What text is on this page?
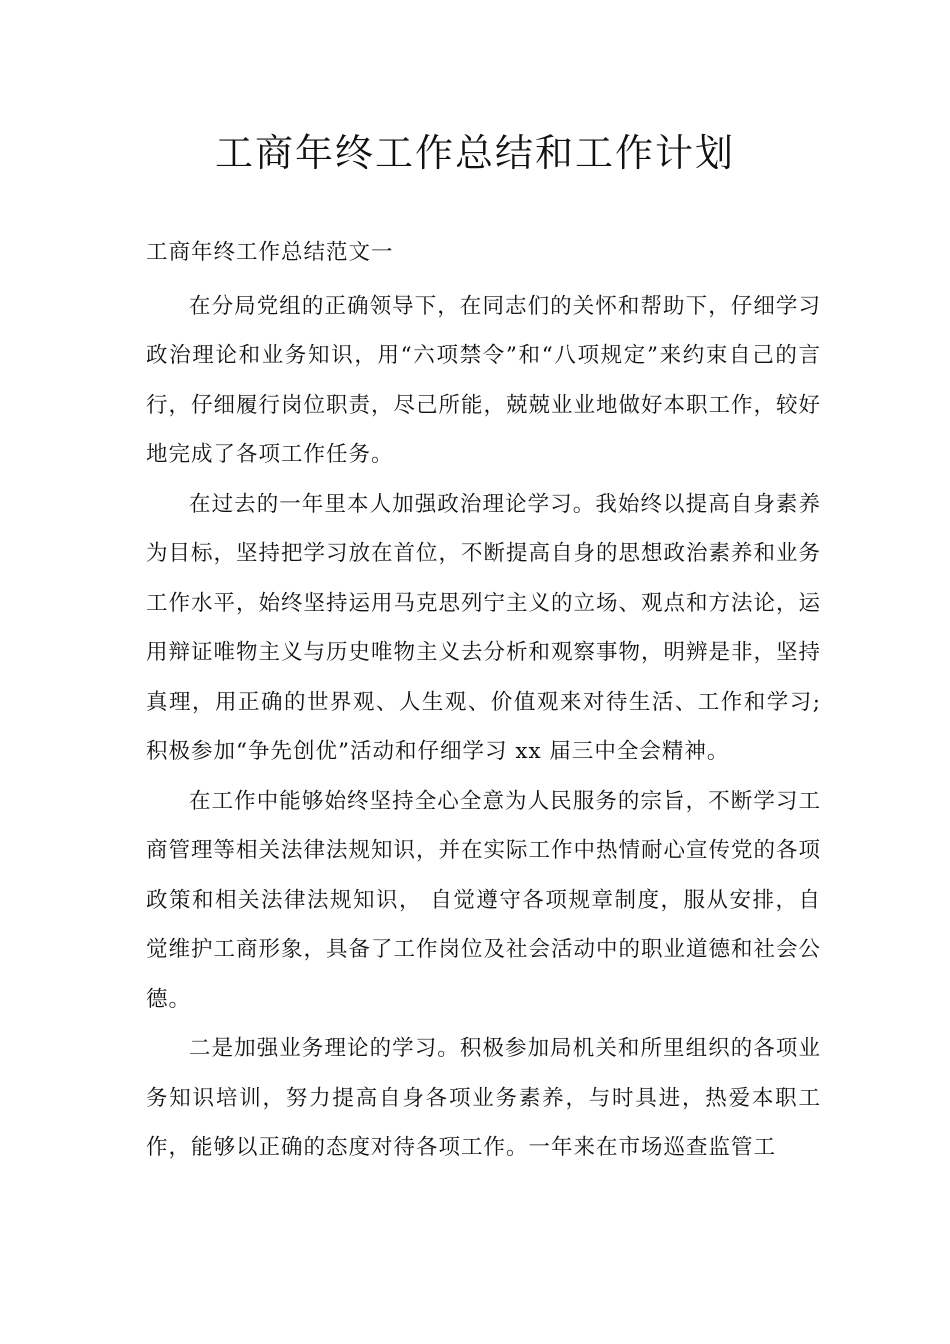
工商年终工作总结和工作计划

工商年终工作总结范文一

在分局党组的正确领导下，在同志们的关怀和帮助下，仔细学习政治理论和业务知识，用“六项禁令”和“八项规定”来约束自己的言行，仔细履行岗位职责，尽己所能，兢兢业业地做好本职工作，较好地完成了各项工作任务。

在过去的一年里本人加强政治理论学习。我始终以提高自身素养为目标，坚持把学习放在首位，不断提高自身的思想政治素养和业务工作水平，始终坚持运用马克思列宁主义的立场、观点和方法论，运用辩证唯物主义与历史唯物主义去分析和观察事物，明辨是非，坚持真理，用正确的世界观、人生观、价值观来对待生活、工作和学习;积极参加“争先创优”活动和仔细学习 xx 届三中全会精神。

在工作中能够始终坚持全心全意为人民服务的宗旨，不断学习工商管理等相关法律法规知识，并在实际工作中热情耐心宣传党的各项政策和相关法律法规知识， 自觉遵守各项规章制度，服从安排，自觉维护工商形象，具备了工作岗位及社会活动中的职业道德和社会公德。

二是加强业务理论的学习。积极参加局机关和所里组织的各项业务知识培训，努力提高自身各项业务素养，与时具进，热爱本职工作，能够以正确的态度对待各项工作。一年来在市场巡查监管工
